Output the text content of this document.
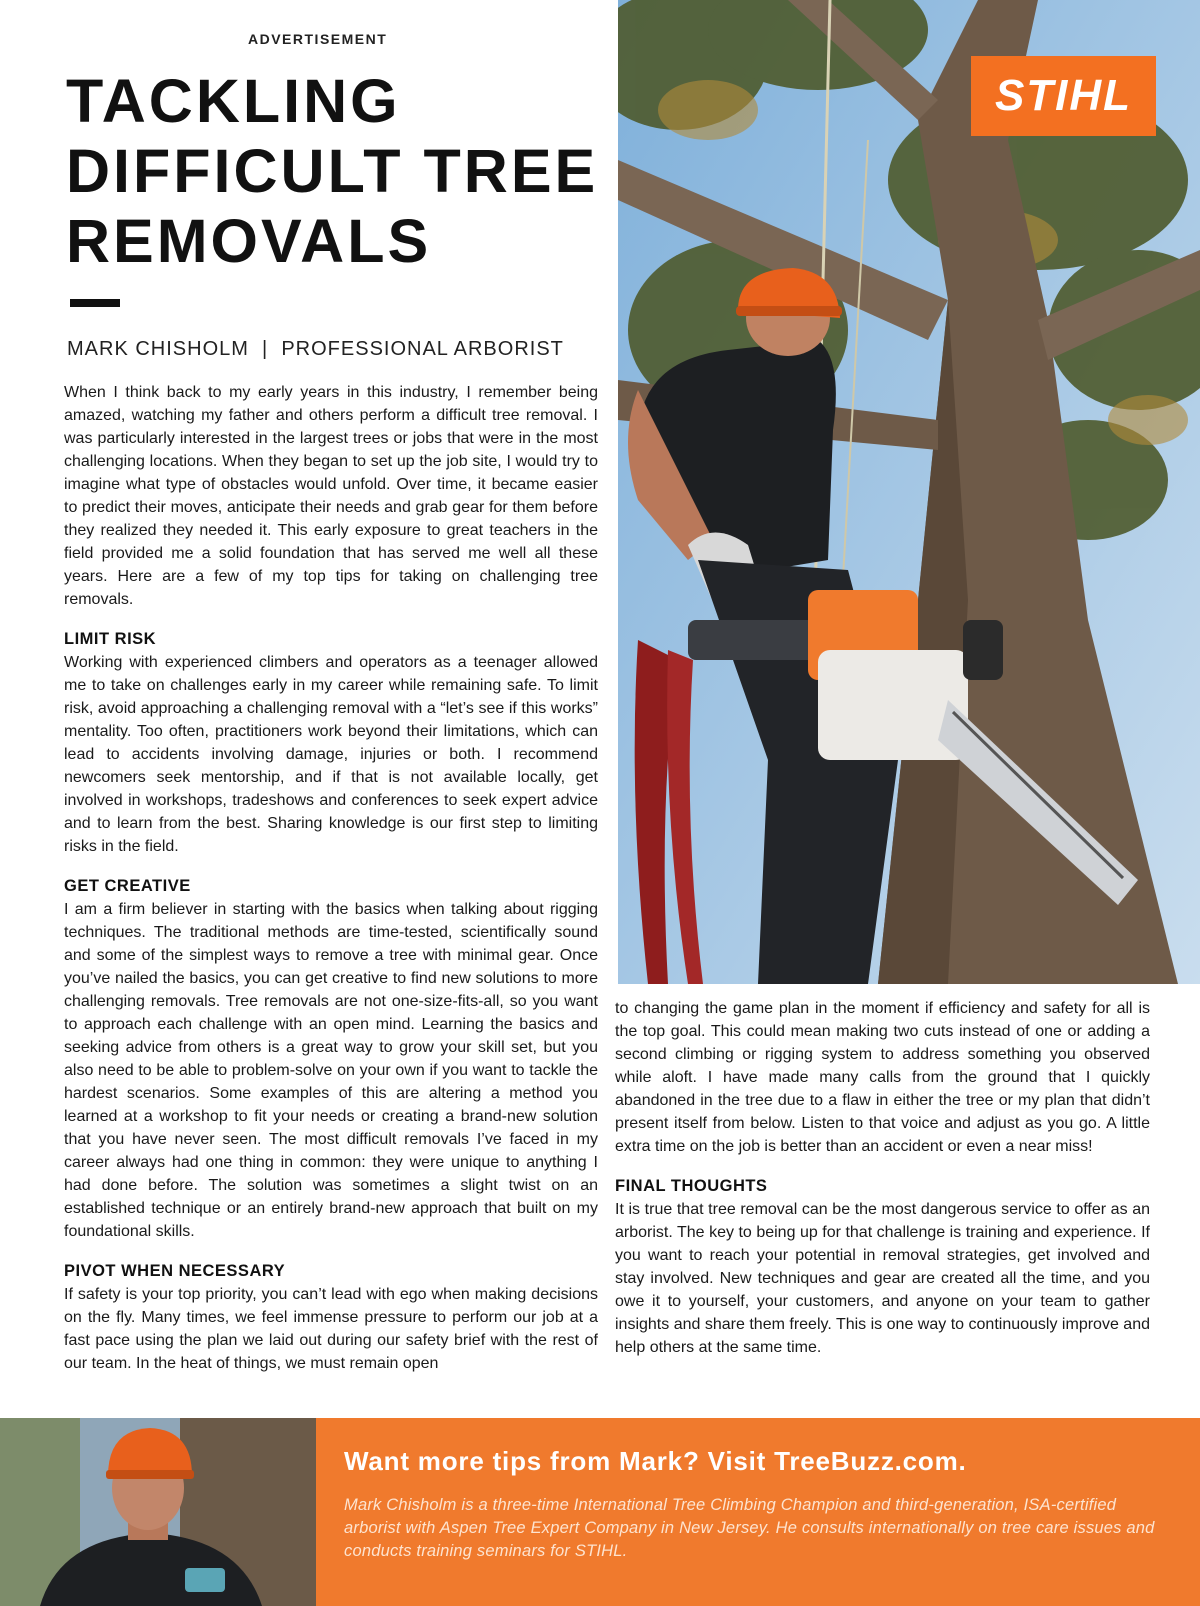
ADVERTISEMENT
TACKLING
DIFFICULT TREE
REMOVALS
MARK CHISHOLM  |  PROFESSIONAL ARBORIST

When I think back to my early years in this industry, I remember being amazed, watching my father and others perform a difficult tree removal. I was particularly interested in the largest trees or jobs that were in the most challenging locations. When they began to set up the job site, I would try to imagine what type of obstacles would unfold. Over time, it became easier to predict their moves, anticipate their needs and grab gear for them before they realized they needed it. This early exposure to great teachers in the field provided me a solid foundation that has served me well all these years. Here are a few of my top tips for taking on challenging tree removals.

LIMIT RISK

Working with experienced climbers and operators as a teenager allowed me to take on challenges early in my career while remaining safe. To limit risk, avoid approaching a challenging removal with a “let’s see if this works” mentality. Too often, practitioners work beyond their limitations, which can lead to accidents involving damage, injuries or both. I recommend newcomers seek mentorship, and if that is not available locally, get involved in workshops, tradeshows and conferences to seek expert advice and to learn from the best. Sharing knowledge is our first step to limiting risks in the field.

GET CREATIVE

I am a firm believer in starting with the basics when talking about rigging techniques. The traditional methods are time-tested, scientifically sound and some of the simplest ways to remove a tree with minimal gear. Once you’ve nailed the basics, you can get creative to find new solutions to more challenging removals. Tree removals are not one-size-fits-all, so you want to approach each challenge with an open mind. Learning the basics and seeking advice from others is a great way to grow your skill set, but you also need to be able to problem-solve on your own if you want to tackle the hardest scenarios. Some examples of this are altering a method you learned at a workshop to fit your needs or creating a brand-new solution that you have never seen. The most difficult removals I’ve faced in my career always had one thing in common: they were unique to anything I had done before. The solution was sometimes a slight twist on an established technique or an entirely brand-new approach that built on my foundational skills.

PIVOT WHEN NECESSARY

If safety is your top priority, you can’t lead with ego when making decisions on the fly. Many times, we feel immense pressure to perform our job at a fast pace using the plan we laid out during our safety brief with the rest of our team. In the heat of things, we must remain open

STIHL

to changing the game plan in the moment if efficiency and safety for all is the top goal. This could mean making two cuts instead of one or adding a second climbing or rigging system to address something you observed while aloft. I have made many calls from the ground that I quickly abandoned in the tree due to a flaw in either the tree or my plan that didn’t present itself from below. Listen to that voice and adjust as you go. A little extra time on the job is better than an accident or even a near miss!

FINAL THOUGHTS

It is true that tree removal can be the most dangerous service to offer as an arborist. The key to being up for that challenge is training and experience. If you want to reach your potential in removal strategies, get involved and stay involved. New techniques and gear are created all the time, and you owe it to yourself, your customers, and anyone on your team to gather insights and share them freely. This is one way to continuously improve and help others at the same time.

Want more tips from Mark? Visit TreeBuzz.com.

Mark Chisholm is a three-time International Tree Climbing Champion and third-generation, ISA-certified arborist with Aspen Tree Expert Company in New Jersey. He consults internationally on tree care issues and conducts training seminars for STIHL.
